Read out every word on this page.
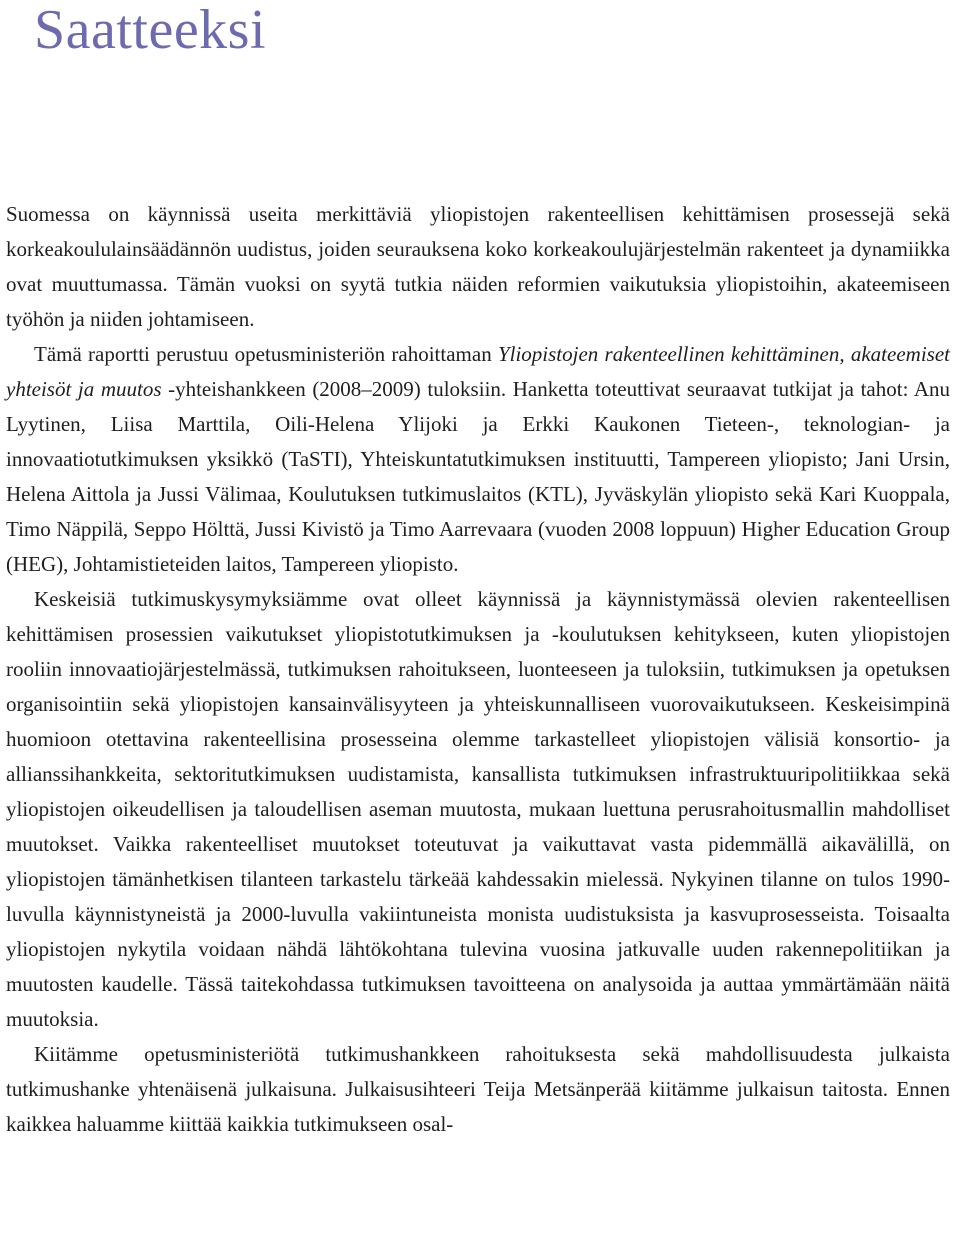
Saatteeksi

Suomessa on käynnissä useita merkittäviä yliopistojen rakenteellisen kehittämisen prosessejä sekä korkeakoululainsäädännön uudistus, joiden seurauksena koko korkeakoulujärjestelmän rakenteet ja dynamiikka ovat muuttumassa. Tämän vuoksi on syytä tutkia näiden reformien vaikutuksia yliopistoihin, akateemiseen työhön ja niiden johtamiseen.

Tämä raportti perustuu opetusministeriön rahoittaman Yliopistojen rakenteellinen kehittäminen, akateemiset yhteisöt ja muutos -yhteishankkeen (2008–2009) tuloksiin. Hanketta toteuttivat seuraavat tutkijat ja tahot: Anu Lyytinen, Liisa Marttila, Oili-Helena Ylijoki ja Erkki Kaukonen Tieteen-, teknologian- ja innovaatiotutkimuksen yksikkö (TaSTI), Yhteiskuntatutkimuksen instituutti, Tampereen yliopisto; Jani Ursin, Helena Aittola ja Jussi Välimaa, Koulutuksen tutkimuslaitos (KTL), Jyväskylän yliopisto sekä Kari Kuoppala, Timo Näppilä, Seppo Hölttä, Jussi Kivistö ja Timo Aarrevaara (vuoden 2008 loppuun) Higher Education Group (HEG), Johtamistieteiden laitos, Tampereen yliopisto.

Keskeisiä tutkimuskysymyksiämme ovat olleet käynnissä ja käynnistymässä olevien rakenteellisen kehittämisen prosessien vaikutukset yliopistotutkimuksen ja -koulutuksen kehitykseen, kuten yliopistojen rooliin innovaatiojärjestelmässä, tutkimuksen rahoitukseen, luonteeseen ja tuloksiin, tutkimuksen ja opetuksen organisointiin sekä yliopistojen kansainvälisyyteen ja yhteiskunnalliseen vuorovaikutukseen. Keskeisimpinä huomioon otettavina rakenteellisina prosesseina olemme tarkastelleet yliopistojen välisiä konsortio- ja allianssihankkeita, sektoritutkimuksen uudistamista, kansallista tutkimuksen infrastruktuuripolitiikkaa sekä yliopistojen oikeudellisen ja taloudellisen aseman muutosta, mukaan luettuna perusrahoitusmallin mahdolliset muutokset. Vaikka rakenteelliset muutokset toteutuvat ja vaikuttavat vasta pidemmällä aikavälillä, on yliopistojen tämänhetkisen tilanteen tarkastelu tärkeää kahdessakin mielessä. Nykyinen tilanne on tulos 1990-luvulla käynnistyneistä ja 2000-luvulla vakiintuneista monista uudistuksista ja kasvuprosesseista. Toisaalta yliopistojen nykytila voidaan nähdä lähtökohtana tulevina vuosina jatkuvalle uuden rakennepolitiikan ja muutosten kaudelle. Tässä taitekohdassa tutkimuksen tavoitteena on analysoida ja auttaa ymmärtämään näitä muutoksia.

Kiitämme opetusministeriötä tutkimushankkeen rahoituksesta sekä mahdollisuudesta julkaista tutkimushanke yhtenäisenä julkaisuna. Julkaisusihteeri Teija Metsänperää kiitämme julkaisun taitosta. Ennen kaikkea haluamme kiittää kaikkia tutkimukseen osal-
